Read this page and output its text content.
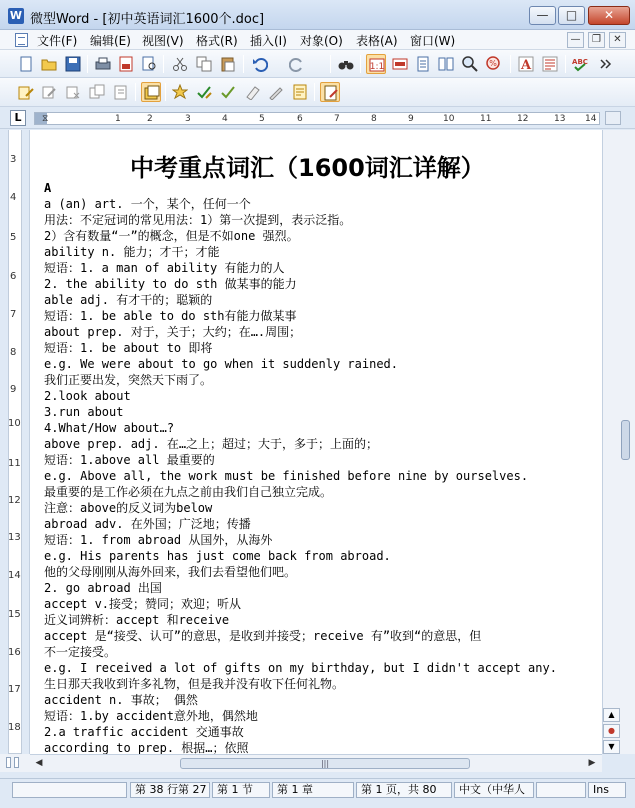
W 微型Word - [初中英语词汇1600个.doc]	—	□	✕
文件(F) 编辑(E) 视图(V) 格式(R) 插入(I) 对象(O) 表格(A) 窗口(W)	—	❐	✕
1:1	% A	ABC
L	⧖	1	2	3	4	5	6	7	8	9	10	11	12	13 14
3
4
5
6
7
8
9
10
11
12
13
14
15
16
17
18
中考重点词汇（1600词汇详解）
A
a (an) art. 一个，某个，任何一个
用法：不定冠词的常见用法：1）第一次提到，表示泛指。
2）含有数量“一”的概念，但是不如one 强烈。
ability n. 能力；才干；才能
短语：1. a man of ability 有能力的人
2. the ability to do sth 做某事的能力
able adj. 有才干的；聪颖的
短语：1. be able to do sth有能力做某事
about prep. 对于，关于；大约；在….周围；
短语：1. be about to 即将
e.g. We were about to go when it suddenly rained.
我们正要出发，突然天下雨了。
2.look about
3.run about
4.What/How about…?
above prep. adj. 在…之上；超过；大于，多于；上面的；
短语：1.above all 最重要的
e.g. Above all, the work must be finished before nine by ourselves.
最重要的是工作必须在九点之前由我们自己独立完成。
注意：above的反义词为below
abroad adv. 在外国；广泛地；传播
短语：1. from abroad 从国外，从海外
e.g. His parents has just come back from abroad.
他的父母刚刚从海外回来，我们去看望他们吧。
2. go abroad 出国
accept v.接受；赞同；欢迎；听从
近义词辨析：accept 和receive
accept 是“接受、认可”的意思，是收到并接受；receive 有”收到“的意思，但
不一定接受。
e.g. I received a lot of gifts on my birthday, but I didn't accept any.
生日那天我收到许多礼物，但是我并没有收下任何礼物。
accident n. 事故； 偶然
短语：1.by accident意外地，偶然地
2.a traffic accident 交通事故
according to prep. 根据…；依照
▲
●
▼
◀	|||	▶
第 38 行第 27 第 1 节	第 1 章	第 1 页，共 80	中文（中华人	Ins
